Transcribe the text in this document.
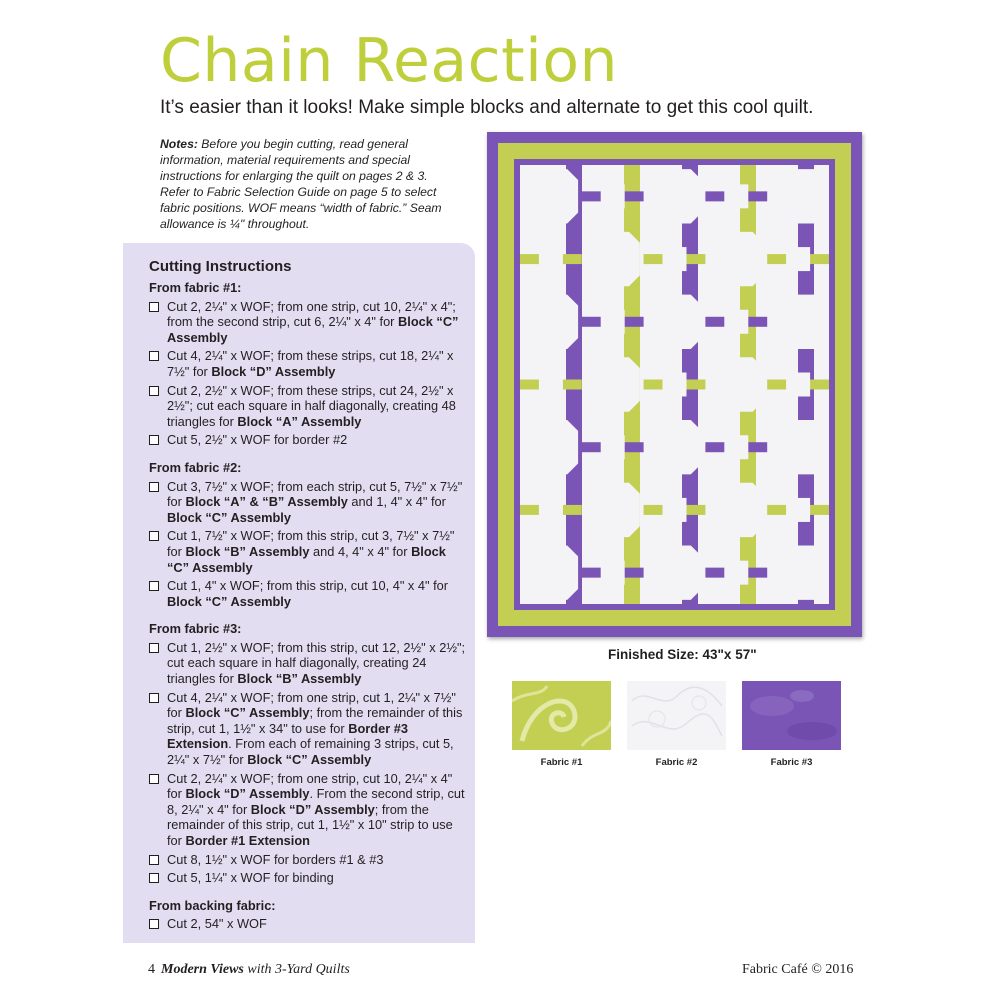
Chain Reaction
It’s easier than it looks! Make simple blocks and alternate to get this cool quilt.
Notes: Before you begin cutting, read general information, material requirements and special instructions for enlarging the quilt on pages 2 & 3. Refer to Fabric Selection Guide on page 5 to select fabric positions. WOF means “width of fabric.” Seam allowance is ¼" throughout.
Cutting Instructions
From fabric #1:
Cut 2, 2¼" x WOF; from one strip, cut 10, 2¼" x 4"; from the second strip, cut 6, 2¼" x 4" for Block “C” Assembly
Cut 4, 2¼" x WOF; from these strips, cut 18, 2¼" x 7½" for Block “D” Assembly
Cut 2, 2½" x WOF; from these strips, cut 24, 2½" x 2½"; cut each square in half diagonally, creating 48 triangles for Block “A” Assembly
Cut 5, 2½" x WOF for border #2
From fabric #2:
Cut 3, 7½" x WOF; from each strip, cut 5, 7½" x 7½" for Block “A” & “B” Assembly and 1, 4" x 4" for Block “C” Assembly
Cut 1, 7½" x WOF; from this strip, cut 3, 7½" x 7½" for Block “B” Assembly and 4, 4" x 4" for Block “C” Assembly
Cut 1, 4" x WOF; from this strip, cut 10, 4" x 4" for Block “C” Assembly
From fabric #3:
Cut 1, 2½" x WOF; from this strip, cut 12, 2½" x 2½"; cut each square in half diagonally, creating 24 triangles for Block “B” Assembly
Cut 4, 2¼" x WOF; from one strip, cut 1, 2¼" x 7½" for Block “C” Assembly; from the remainder of this strip, cut 1, 1½" x 34" to use for Border #3 Extension. From each of remaining 3 strips, cut 5, 2¼" x 7½" for Block “C” Assembly
Cut 2, 2¼" x WOF; from one strip, cut 10, 2¼" x 4" for Block “D” Assembly. From the second strip, cut 8, 2¼" x 4" for Block “D” Assembly; from the remainder of this strip, cut 1, 1½" x 10" strip to use for Border #1 Extension
Cut 8, 1½" x WOF for borders #1 & #3
Cut 5, 1¼" x WOF for binding
From backing fabric:
Cut 2, 54" x WOF
Finished Size: 43"x 57"
Fabric #1	Fabric #2	Fabric #3
4 Modern Views with 3-Yard Quilts	Fabric Café © 2016
